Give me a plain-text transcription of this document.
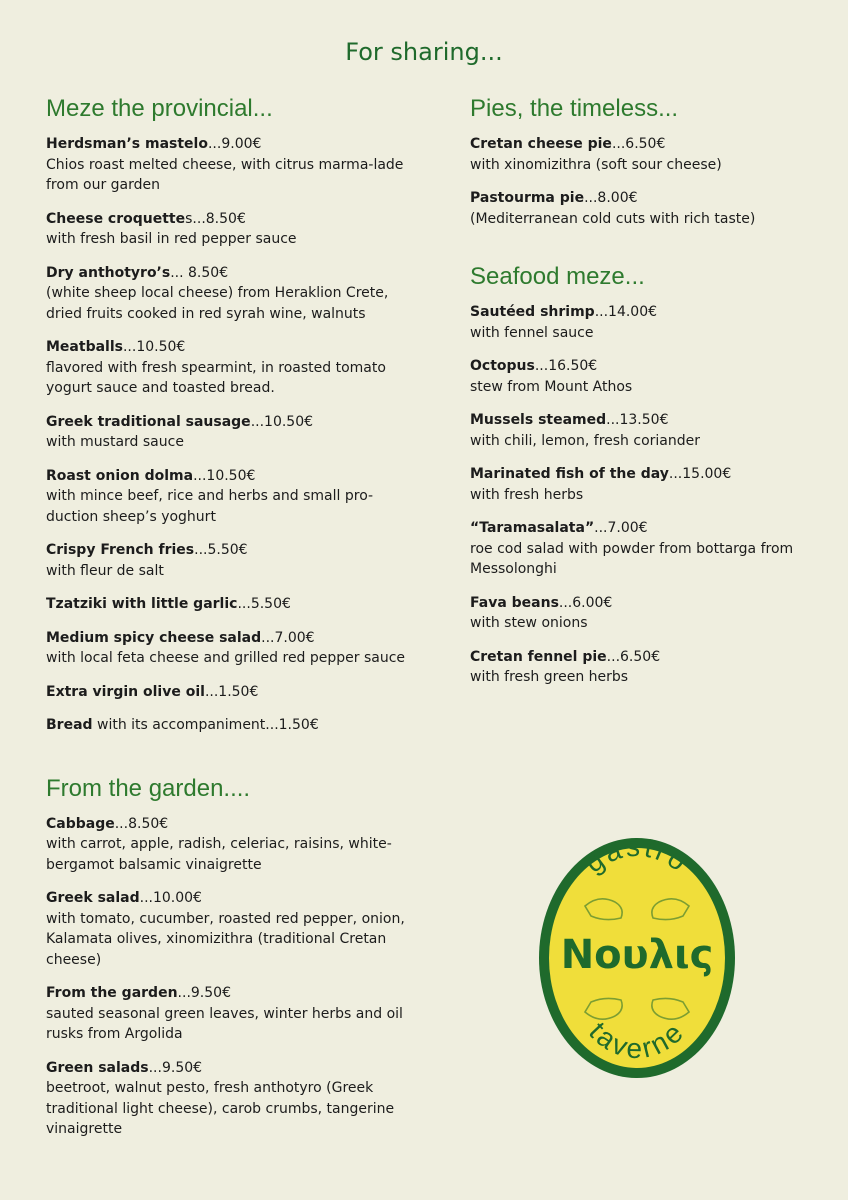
For sharing...
Meze the provincial...
Herdsman’s mastelo...9.00€
Chios roast melted cheese, with citrus marma-lade from our garden
Cheese croquettes...8.50€
with fresh basil in red pepper sauce
Dry anthotyro’s... 8.50€
(white sheep local cheese) from Heraklion Crete, dried fruits cooked in red syrah wine, walnuts
Meatballs...10.50€
flavored with fresh spearmint, in roasted tomato yogurt sauce and toasted bread.
Greek traditional sausage...10.50€
with mustard sauce
Roast onion dolma...10.50€
with mince beef, rice and herbs and small pro-duction sheep’s yoghurt
Crispy French fries...5.50€
with fleur de salt
Tzatziki with little garlic...5.50€
Medium spicy cheese salad...7.00€
with local feta cheese and grilled red pepper sauce
Extra virgin olive oil...1.50€
Bread with its accompaniment...1.50€
From the garden....
Cabbage...8.50€
with carrot, apple, radish, celeriac, raisins, white-bergamot balsamic vinaigrette
Greek salad...10.00€
with tomato, cucumber, roasted red pepper, onion, Kalamata olives, xinomizithra (traditional Cretan cheese)
From the garden...9.50€
sauted seasonal green leaves, winter herbs and oil rusks from Argolida
Green salads...9.50€
beetroot, walnut pesto, fresh anthotyro (Greek traditional light cheese), carob crumbs, tangerine vinaigrette
Pies, the timeless...
Cretan cheese pie...6.50€
with xinomizithra (soft sour cheese)
Pastourma pie...8.00€
(Mediterranean cold cuts with rich taste)
Seafood meze...
Sautéed shrimp...14.00€
with fennel sauce
Octopus...16.50€
stew from Mount Athos
Mussels steamed...13.50€
with chili, lemon, fresh coriander
Marinated fish of the day...15.00€
with fresh herbs
“Taramasalata”...7.00€
roe cod salad with powder from bottarga from Messolonghi
Fava beans...6.00€
with stew onions
Cretan fennel pie...6.50€
with fresh green herbs
gastro
Νουλις
taverne
